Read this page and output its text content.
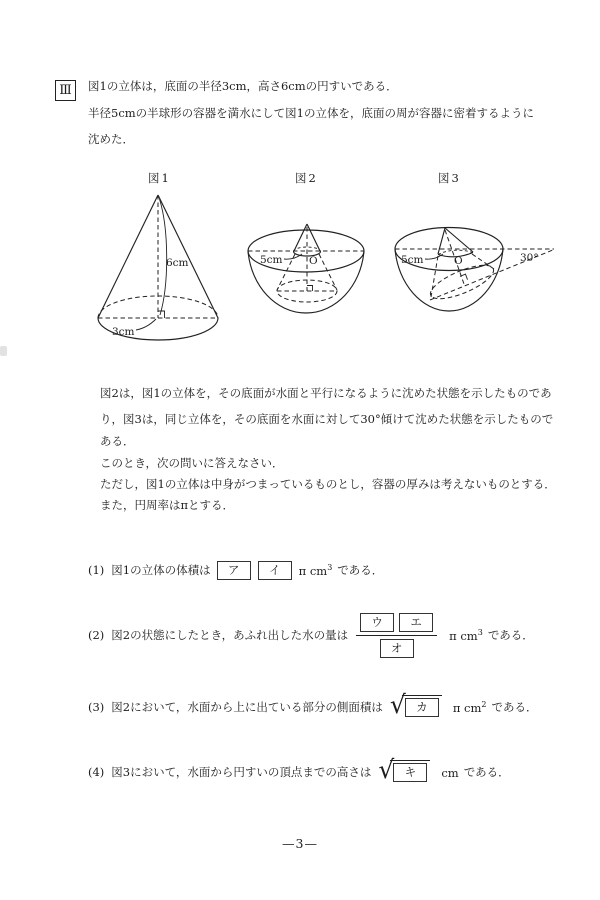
Ⅲ 図1の立体は，底面の半径3cm，高さ6cmの円すいである．
半径5cmの半球形の容器を満水にして図1の立体を，底面の周が容器に密着するように
沈めた．
図1	図2	図3
6cm
3cm
5cm	O	5cm	O	30°
図2は，図1の立体を，その底面が水面と平行になるように沈めた状態を示したものであ
り，図3は，同じ立体を，その底面を水面に対して30°傾けて沈めた状態を示したもので
ある．
このとき，次の問いに答えなさい．
ただし，図1の立体は中身がつまっているものとし，容器の厚みは考えないものとする．
また，円周率はπとする．
(1) 図1の立体の体積は	ア	イ	π $cm^3$ である．
(2) 図2の状態にしたとき，あふれ出した水の量は ウ	エ
オ π $cm^3$ である．
(3) 図2において，水面から上に出ている部分の側面積は √ カ	π $cm^2$ である．
(4) 図3において，水面から円すいの頂点までの高さは √ キ	cm である．
—3—
